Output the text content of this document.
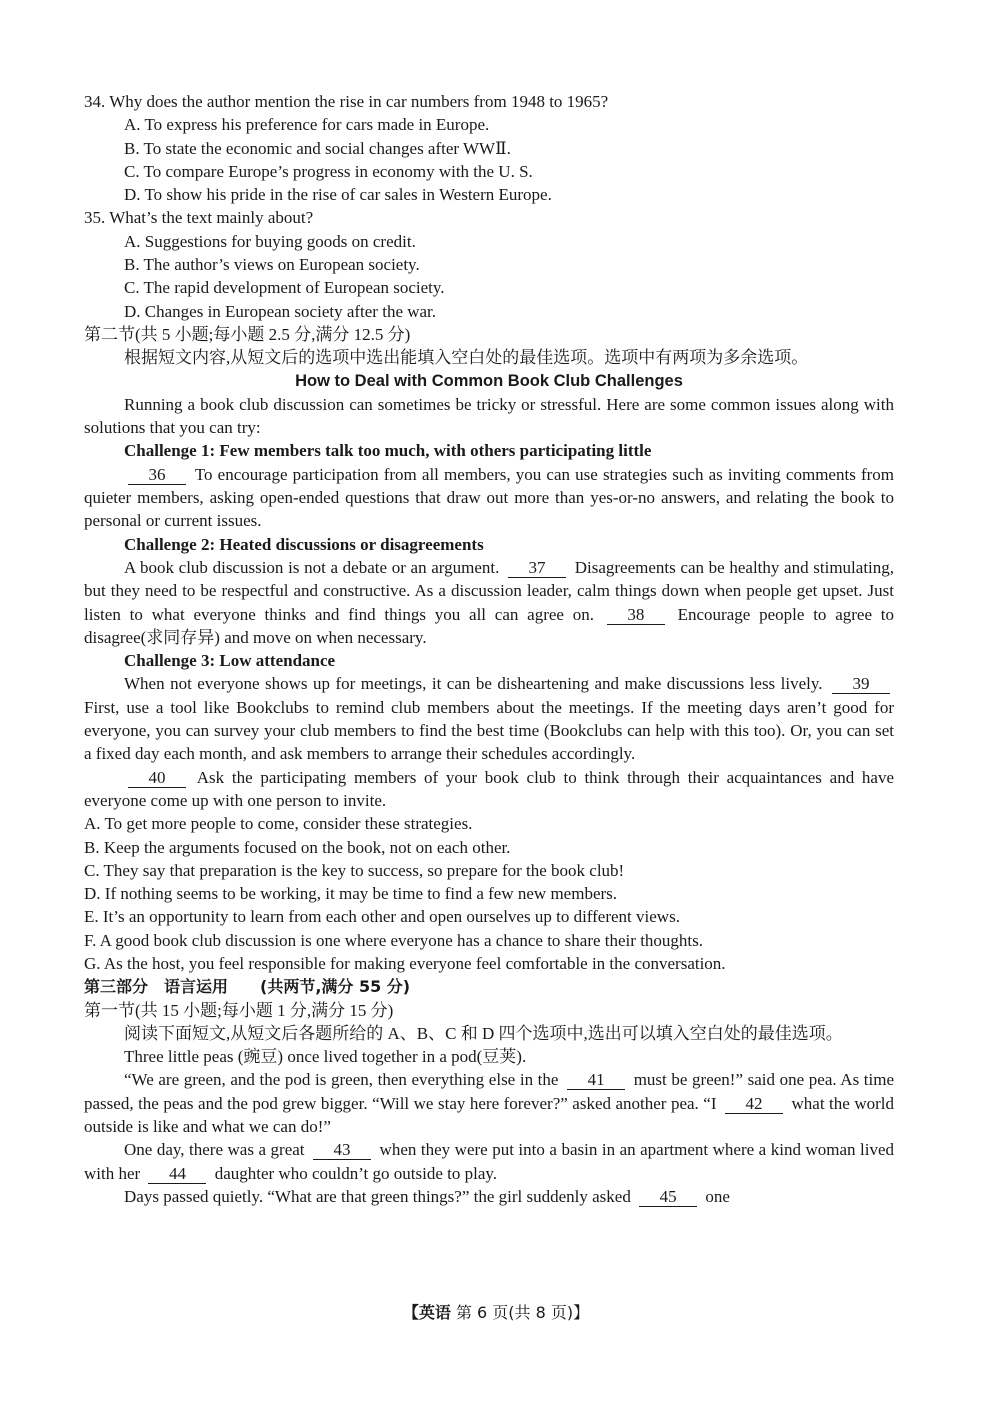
34. Why does the author mention the rise in car numbers from 1948 to 1965?
A. To express his preference for cars made in Europe.
B. To state the economic and social changes after WWⅡ.
C. To compare Europe’s progress in economy with the U. S.
D. To show his pride in the rise of car sales in Western Europe.
35. What’s the text mainly about?
A. Suggestions for buying goods on credit.
B. The author’s views on European society.
C. The rapid development of European society.
D. Changes in European society after the war.
第二节(共 5 小题;每小题 2.5 分,满分 12.5 分)
根据短文内容,从短文后的选项中选出能填入空白处的最佳选项。选项中有两项为多余选项。
How to Deal with Common Book Club Challenges
Running a book club discussion can sometimes be tricky or stressful. Here are some common issues along with solutions that you can try:
Challenge 1: Few members talk too much, with others participating little
36 To encourage participation from all members, you can use strategies such as inviting comments from quieter members, asking open-ended questions that draw out more than yes-or-no answers, and relating the book to personal or current issues.
Challenge 2: Heated discussions or disagreements
A book club discussion is not a debate or an argument. 37 Disagreements can be healthy and stimulating, but they need to be respectful and constructive. As a discussion leader, calm things down when people get upset. Just listen to what everyone thinks and find things you all can agree on. 38 Encourage people to agree to disagree(求同存异) and move on when necessary.
Challenge 3: Low attendance
When not everyone shows up for meetings, it can be disheartening and make discussions less lively. 39 First, use a tool like Bookclubs to remind club members about the meetings. If the meeting days aren’t good for everyone, you can survey your club members to find the best time (Bookclubs can help with this too). Or, you can set a fixed day each month, and ask members to arrange their schedules accordingly.
40 Ask the participating members of your book club to think through their acquaintances and have everyone come up with one person to invite.
A. To get more people to come, consider these strategies.
B. Keep the arguments focused on the book, not on each other.
C. They say that preparation is the key to success, so prepare for the book club!
D. If nothing seems to be working, it may be time to find a few new members.
E. It’s an opportunity to learn from each other and open ourselves up to different views.
F. A good book club discussion is one where everyone has a chance to share their thoughts.
G. As the host, you feel responsible for making everyone feel comfortable in the conversation.
第三部分　语言运用　　(共两节,满分 55 分)
第一节(共 15 小题;每小题 1 分,满分 15 分)
阅读下面短文,从短文后各题所给的 A、B、C 和 D 四个选项中,选出可以填入空白处的最佳选项。
Three little peas (豌豆) once lived together in a pod(豆荚).
“We are green, and the pod is green, then everything else in the 41 must be green!” said one pea. As time passed, the peas and the pod grew bigger. “Will we stay here forever?” asked another pea. “I 42 what the world outside is like and what we can do!”
One day, there was a great 43 when they were put into a basin in an apartment where a kind woman lived with her 44 daughter who couldn’t go outside to play.
Days passed quietly. “What are that green things?” the girl suddenly asked 45 one
【英语 第 6 页(共 8 页)】
